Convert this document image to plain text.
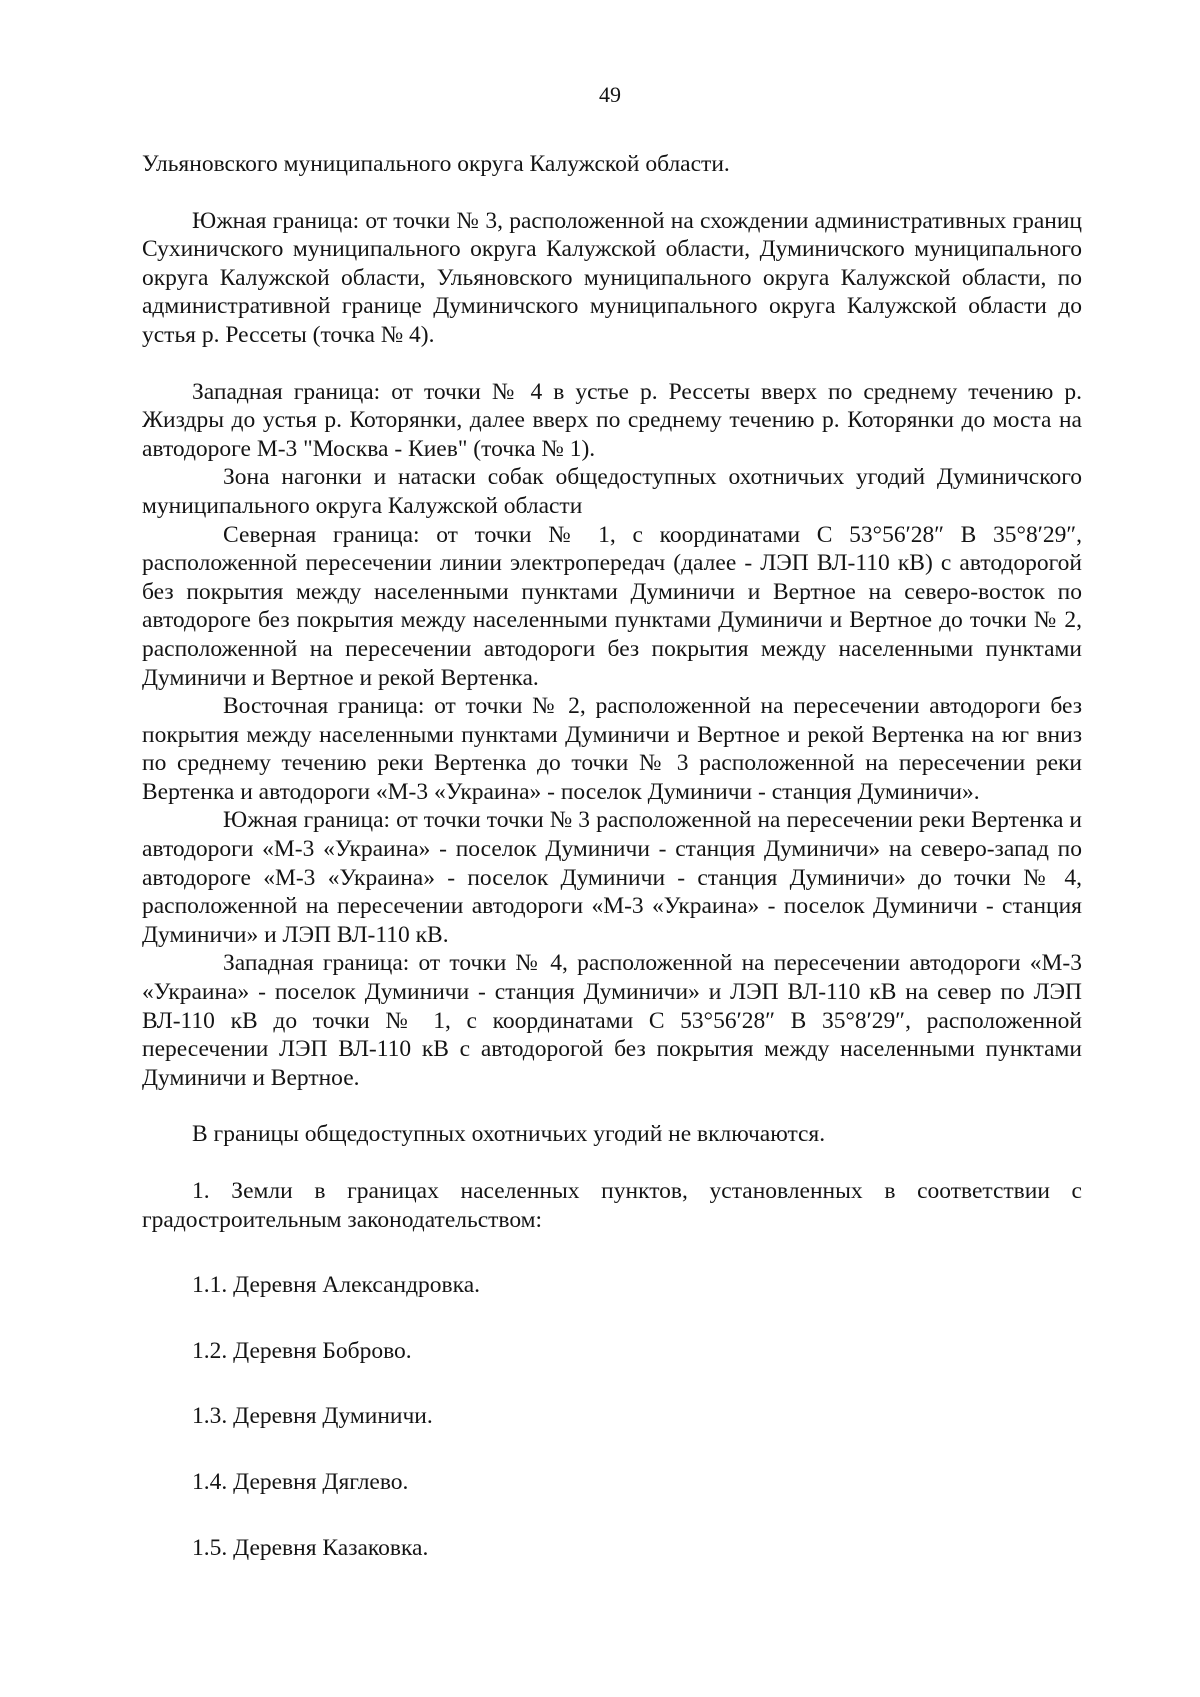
49

Ульяновского муниципального округа Калужской области.

Южная граница: от точки № 3, расположенной на схождении административных границ Сухиничского муниципального округа Калужской области, Думиничского муниципального округа Калужской области, Ульяновского муниципального округа Калужской области, по административной границе Думиничского муниципального округа Калужской области до устья р. Рессеты (точка № 4).

Западная граница: от точки № 4 в устье р. Рессеты вверх по среднему течению р. Жиздры до устья р. Которянки, далее вверх по среднему течению р. Которянки до моста на автодороге М-3 "Москва - Киев" (точка № 1).

Зона нагонки и натаски собак общедоступных охотничьих угодий Думиничского муниципального округа Калужской области

Северная граница: от точки № 1, с координатами С 53°56′28″ В 35°8′29″, расположенной пересечении линии электропередач (далее - ЛЭП ВЛ-110 кВ) с автодорогой без покрытия между населенными пунктами Думиничи и Вертное на северо-восток по автодороге без покрытия между населенными пунктами Думиничи и Вертное до точки № 2, расположенной на пересечении автодороги без покрытия между населенными пунктами Думиничи и Вертное и рекой Вертенка.

Восточная граница: от точки № 2, расположенной на пересечении автодороги без покрытия между населенными пунктами Думиничи и Вертное и рекой Вертенка на юг вниз по среднему течению реки Вертенка до точки № 3 расположенной на пересечении реки Вертенка и автодороги «М-3 «Украина» - поселок Думиничи - станция Думиничи».

Южная граница: от точки точки № 3 расположенной на пересечении реки Вертенка и автодороги «М-3 «Украина» - поселок Думиничи - станция Думиничи» на северо-запад по автодороге «М-3 «Украина» - поселок Думиничи - станция Думиничи» до точки № 4, расположенной на пересечении автодороги «М-3 «Украина» - поселок Думиничи - станция Думиничи» и ЛЭП ВЛ-110 кВ.

Западная граница: от точки № 4, расположенной на пересечении автодороги «М-3 «Украина» - поселок Думиничи - станция Думиничи» и ЛЭП ВЛ-110 кВ на север по ЛЭП ВЛ-110 кВ до точки № 1, с координатами С 53°56′28″ В 35°8′29″, расположенной пересечении ЛЭП ВЛ-110 кВ с автодорогой без покрытия между населенными пунктами Думиничи и Вертное.

В границы общедоступных охотничьих угодий не включаются.

1. Земли в границах населенных пунктов, установленных в соответствии с градостроительным законодательством:

1.1. Деревня Александровка.

1.2. Деревня Боброво.

1.3. Деревня Думиничи.

1.4. Деревня Дяглево.

1.5. Деревня Казаковка.
